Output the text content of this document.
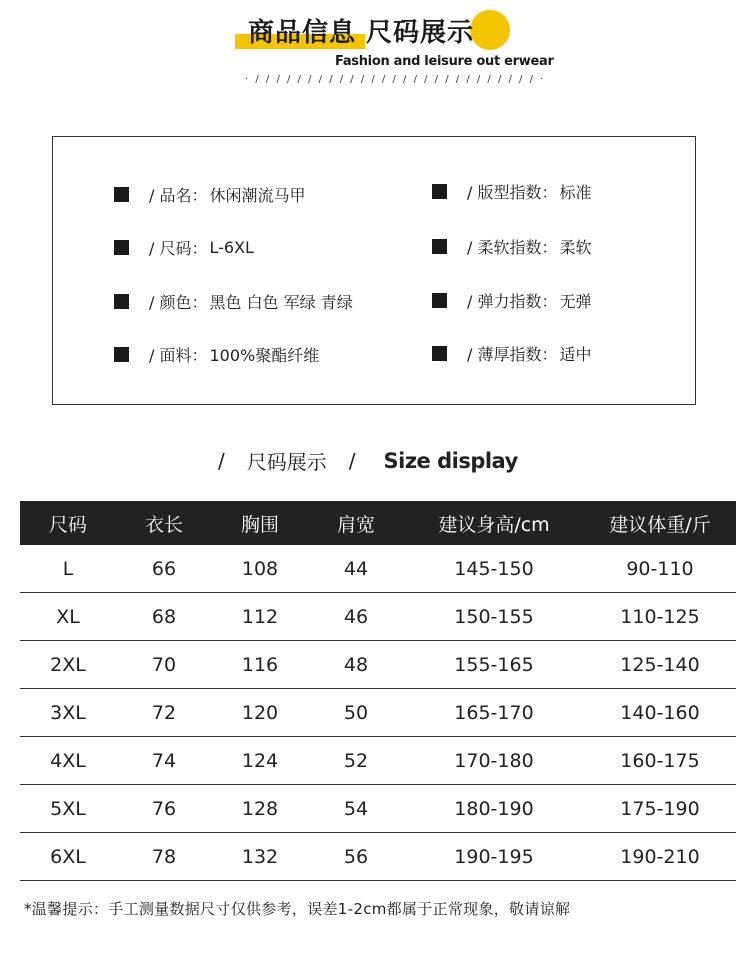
商品信息 尺码展示
Fashion and leisure out erwear
· / / / / / / / / / / / / / / / / / / / / / / / / / / / ·
/ 品名： 休闲潮流马甲
/ 尺码： L-6XL
/ 颜色： 黑色 白色 军绿 青绿
/ 面料： 100%聚酯纤维
/ 版型指数： 标准
/ 柔软指数： 柔软
/ 弹力指数： 无弹
/ 薄厚指数： 适中
/ 尺码展示 / Size display
尺码	衣长	胸围	肩宽	建议身高/cm	建议体重/斤
L	66	108	44	145-150	90-110
XL	68	112	46	150-155	110-125
2XL	70	116	48	155-165	125-140
3XL	72	120	50	165-170	140-160
4XL	74	124	52	170-180	160-175
5XL	76	128	54	180-190	175-190
6XL	78	132	56	190-195	190-210
*温馨提示：手工测量数据尺寸仅供参考，误差1-2cm都属于正常现象，敬请谅解
